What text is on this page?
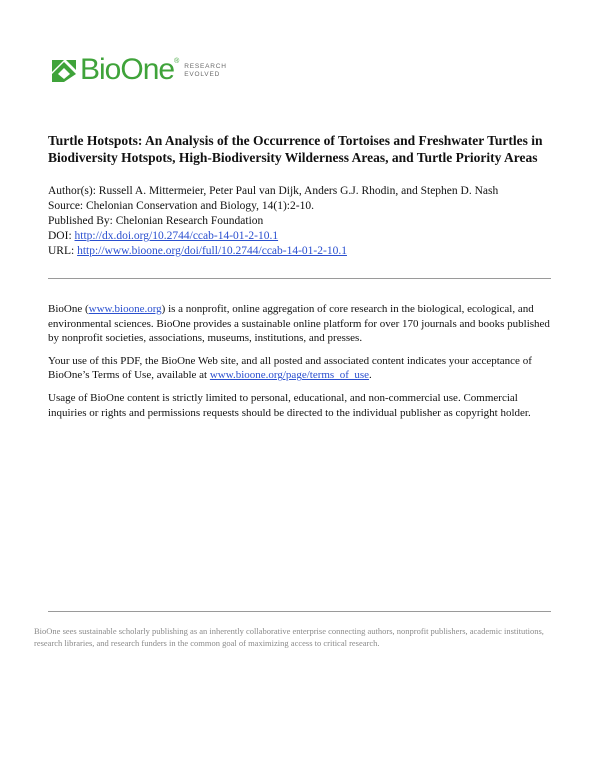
BioOne ®
RESEARCH
EVOLVED
Turtle Hotspots: An Analysis of the Occurrence of Tortoises and Freshwater Turtles in Biodiversity Hotspots, High-Biodiversity Wilderness Areas, and Turtle Priority Areas
Author(s): Russell A. Mittermeier, Peter Paul van Dijk, Anders G.J. Rhodin, and Stephen D. Nash
Source: Chelonian Conservation and Biology, 14(1):2-10.
Published By: Chelonian Research Foundation
DOI: http://dx.doi.org/10.2744/ccab-14-01-2-10.1
URL: http://www.bioone.org/doi/full/10.2744/ccab-14-01-2-10.1

BioOne (www.bioone.org) is a nonprofit, online aggregation of core research in the biological, ecological, and environmental sciences. BioOne provides a sustainable online platform for over 170 journals and books published by nonprofit societies, associations, museums, institutions, and presses.

Your use of this PDF, the BioOne Web site, and all posted and associated content indicates your acceptance of BioOne’s Terms of Use, available at www.bioone.org/page/terms_of_use.

Usage of BioOne content is strictly limited to personal, educational, and non-commercial use. Commercial inquiries or rights and permissions requests should be directed to the individual publisher as copyright holder.

BioOne sees sustainable scholarly publishing as an inherently collaborative enterprise connecting authors, nonprofit publishers, academic institutions, research libraries, and research funders in the common goal of maximizing access to critical research.
